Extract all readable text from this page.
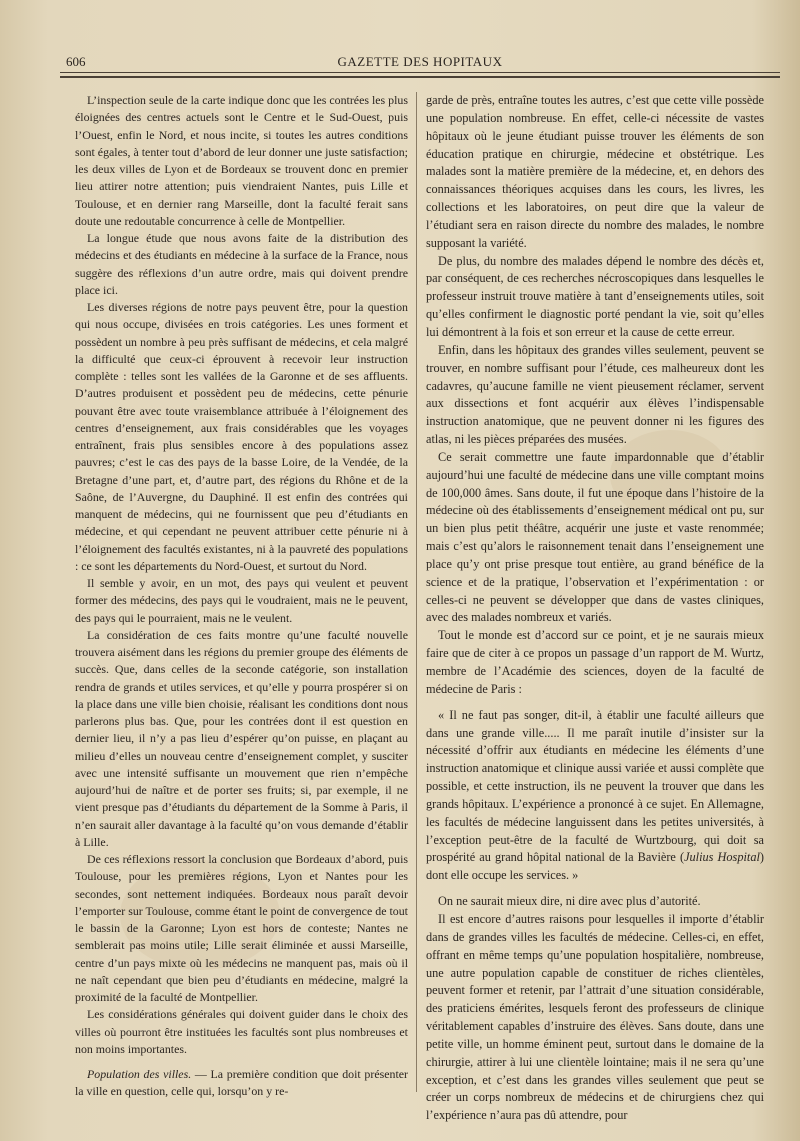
606	GAZETTE DES HOPITAUX

L’inspection seule de la carte indique donc que les contrées les plus éloignées des centres actuels sont le Centre et le Sud-Ouest, puis l’Ouest, enfin le Nord, et nous incite, si toutes les autres conditions sont égales, à tenter tout d’abord de leur donner une juste satisfaction; les deux villes de Lyon et de Bordeaux se trouvent donc en premier lieu attirer notre attention; puis viendraient Nantes, puis Lille et Toulouse, et en dernier rang Marseille, dont la faculté ferait sans doute une redoutable concurrence à celle de Montpellier.

La longue étude que nous avons faite de la distribution des médecins et des étudiants en médecine à la surface de la France, nous suggère des réflexions d’un autre ordre, mais qui doivent prendre place ici.

Les diverses régions de notre pays peuvent être, pour la question qui nous occupe, divisées en trois catégories. Les unes forment et possèdent un nombre à peu près suffisant de médecins, et cela malgré la difficulté que ceux-ci éprouvent à recevoir leur instruction complète : telles sont les vallées de la Garonne et de ses affluents. D’autres produisent et possèdent peu de médecins, cette pénurie pouvant être avec toute vraisemblance attribuée à l’éloignement des centres d’enseignement, aux frais considérables que les voyages entraînent, frais plus sensibles encore à des populations assez pauvres; c’est le cas des pays de la basse Loire, de la Vendée, de la Bretagne d’une part, et, d’autre part, des régions du Rhône et de la Saône, de l’Auvergne, du Dauphiné. Il est enfin des contrées qui manquent de médecins, qui ne fournissent que peu d’étudiants en médecine, et qui cependant ne peuvent attribuer cette pénurie ni à l’éloignement des facultés existantes, ni à la pauvreté des populations : ce sont les départements du Nord-Ouest, et surtout du Nord.

Il semble y avoir, en un mot, des pays qui veulent et peuvent former des médecins, des pays qui le voudraient, mais ne le peuvent, des pays qui le pourraient, mais ne le veulent.

La considération de ces faits montre qu’une faculté nouvelle trouvera aisément dans les régions du premier groupe des éléments de succès. Que, dans celles de la seconde catégorie, son installation rendra de grands et utiles services, et qu’elle y pourra prospérer si on la place dans une ville bien choisie, réalisant les conditions dont nous parlerons plus bas. Que, pour les contrées dont il est question en dernier lieu, il n’y a pas lieu d’espérer qu’on puisse, en plaçant au milieu d’elles un nouveau centre d’enseignement complet, y susciter avec une intensité suffisante un mouvement que rien n’empêche aujourd’hui de naître et de porter ses fruits; si, par exemple, il ne vient presque pas d’étudiants du département de la Somme à Paris, il n’en saurait aller davantage à la faculté qu’on vous demande d’établir à Lille.

De ces réflexions ressort la conclusion que Bordeaux d’abord, puis Toulouse, pour les premières régions, Lyon et Nantes pour les secondes, sont nettement indiquées. Bordeaux nous paraît devoir l’emporter sur Toulouse, comme étant le point de convergence de tout le bassin de la Garonne; Lyon est hors de conteste; Nantes ne semblerait pas moins utile; Lille serait éliminée et aussi Marseille, centre d’un pays mixte où les médecins ne manquent pas, mais où il ne naît cependant que bien peu d’étudiants en médecine, malgré la proximité de la faculté de Montpellier.

Les considérations générales qui doivent guider dans le choix des villes où pourront être instituées les facultés sont plus nombreuses et non moins importantes.

Population des villes. — La première condition que doit présenter la ville en question, celle qui, lorsqu’on y re-

garde de près, entraîne toutes les autres, c’est que cette ville possède une population nombreuse. En effet, celle-ci nécessite de vastes hôpitaux où le jeune étudiant puisse trouver les éléments de son éducation pratique en chirurgie, médecine et obstétrique. Les malades sont la matière première de la médecine, et, en dehors des connaissances théoriques acquises dans les cours, les livres, les collections et les laboratoires, on peut dire que la valeur de l’étudiant sera en raison directe du nombre des malades, le nombre supposant la variété.

De plus, du nombre des malades dépend le nombre des décès et, par conséquent, de ces recherches nécroscopiques dans lesquelles le professeur instruit trouve matière à tant d’enseignements utiles, soit qu’elles confirment le diagnostic porté pendant la vie, soit qu’elles lui démontrent à la fois et son erreur et la cause de cette erreur.

Enfin, dans les hôpitaux des grandes villes seulement, peuvent se trouver, en nombre suffisant pour l’étude, ces malheureux dont les cadavres, qu’aucune famille ne vient pieusement réclamer, servent aux dissections et font acquérir aux élèves l’indispensable instruction anatomique, que ne peuvent donner ni les figures des atlas, ni les pièces préparées des musées.

Ce serait commettre une faute impardonnable que d’établir aujourd’hui une faculté de médecine dans une ville comptant moins de 100,000 âmes. Sans doute, il fut une époque dans l’histoire de la médecine où des établissements d’enseignement médical ont pu, sur un bien plus petit théâtre, acquérir une juste et vaste renommée; mais c’est qu’alors le raisonnement tenait dans l’enseignement une place qu’y ont prise presque tout entière, au grand bénéfice de la science et de la pratique, l’observation et l’expérimentation : or celles-ci ne peuvent se développer que dans de vastes cliniques, avec des malades nombreux et variés.

Tout le monde est d’accord sur ce point, et je ne saurais mieux faire que de citer à ce propos un passage d’un rapport de M. Wurtz, membre de l’Académie des sciences, doyen de la faculté de médecine de Paris :

« Il ne faut pas songer, dit-il, à établir une faculté ailleurs que dans une grande ville..... Il me paraît inutile d’insister sur la nécessité d’offrir aux étudiants en médecine les éléments d’une instruction anatomique et clinique aussi variée et aussi complète que possible, et cette instruction, ils ne peuvent la trouver que dans les grands hôpitaux. L’expérience a prononcé à ce sujet. En Allemagne, les facultés de médecine languissent dans les petites universités, à l’exception peut-être de la faculté de Wurtzbourg, qui doit sa prospérité au grand hôpital national de la Bavière (Julius Hospital) dont elle occupe les services. »

On ne saurait mieux dire, ni dire avec plus d’autorité.

Il est encore d’autres raisons pour lesquelles il importe d’établir dans de grandes villes les facultés de médecine. Celles-ci, en effet, offrant en même temps qu’une population hospitalière, nombreuse, une autre population capable de constituer de riches clientèles, peuvent former et retenir, par l’attrait d’une situation considérable, des praticiens émérites, lesquels feront des professeurs de clinique véritablement capables d’instruire des élèves. Sans doute, dans une petite ville, un homme éminent peut, surtout dans le domaine de la chirurgie, attirer à lui une clientèle lointaine; mais il ne sera qu’une exception, et c’est dans les grandes villes seulement que peut se créer un corps nombreux de médecins et de chirurgiens chez qui l’expérience n’aura pas dû attendre, pour
